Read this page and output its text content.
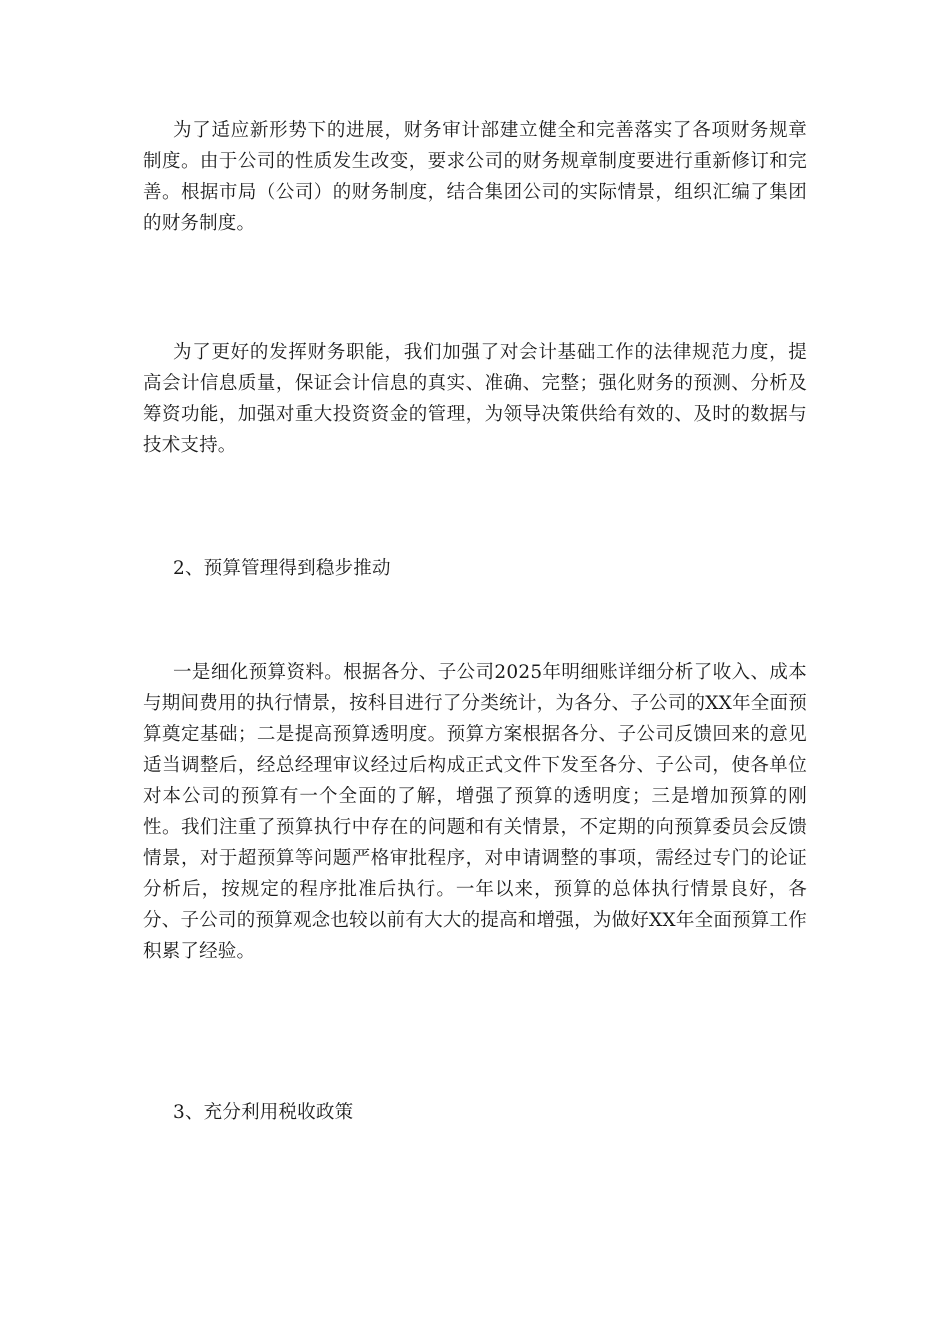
为了适应新形势下的进展，财务审计部建立健全和完善落实了各项财务规章制度。由于公司的性质发生改变，要求公司的财务规章制度要进行重新修订和完善。根据市局（公司）的财务制度，结合集团公司的实际情景，组织汇编了集团的财务制度。

为了更好的发挥财务职能，我们加强了对会计基础工作的法律规范力度，提高会计信息质量，保证会计信息的真实、准确、完整；强化财务的预测、分析及筹资功能，加强对重大投资资金的管理，为领导决策供给有效的、及时的数据与技术支持。

2、预算管理得到稳步推动

一是细化预算资料。根据各分、子公司2025年明细账详细分析了收入、成本与期间费用的执行情景，按科目进行了分类统计，为各分、子公司的XX年全面预算奠定基础；二是提高预算透明度。预算方案根据各分、子公司反馈回来的意见适当调整后，经总经理审议经过后构成正式文件下发至各分、子公司，使各单位对本公司的预算有一个全面的了解，增强了预算的透明度；三是增加预算的刚性。我们注重了预算执行中存在的问题和有关情景，不定期的向预算委员会反馈情景，对于超预算等问题严格审批程序，对申请调整的事项，需经过专门的论证分析后，按规定的程序批准后执行。一年以来，预算的总体执行情景良好，各分、子公司的预算观念也较以前有大大的提高和增强，为做好XX年全面预算工作积累了经验。

3、充分利用税收政策
